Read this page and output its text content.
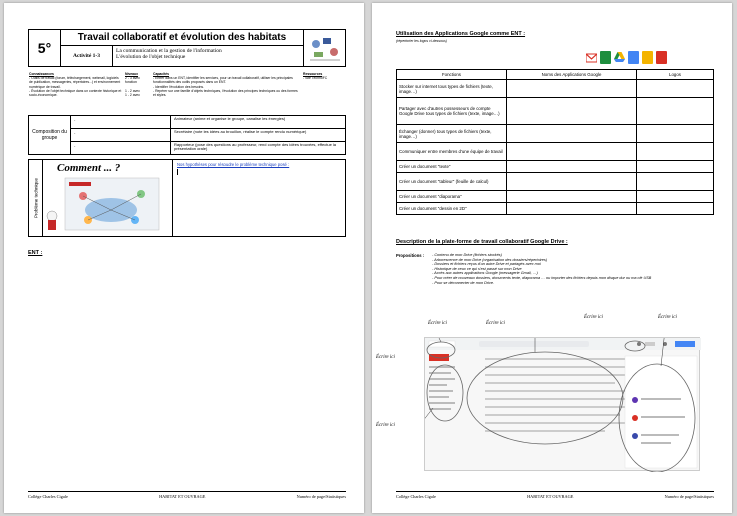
5°
Travail collaboratif et évolution des habitats
Activité 1-3
La communication et la gestion de l'information
L'évolution de l'objet technique
Connaissances
- Outils de travail (forum, téléchargement, webmail, logiciels de publication, messageries, répertoires...) et environnement numérique de travail.
- Évolution de l'objet technique dans un contexte historique et socio-économique.
Niveaux
2 - 3 avec fonction

1 - 2 avec
1 - 2 avec
Capacités
- Entrer dans un ENT, identifier les services, pour un travail collaboratif, utiliser les principales fonctionnalités des outils proposés dans un ENT.
- Identifier l'évolution des besoins.
- Repérer sur une famille d'objets techniques, l'évolution des principes techniques ou des formes et styles.
Ressources
- Site TechnoFC
Composition du groupe
-	Animateur (anime et organise le groupe, canalise les énergies)
-	Secrétaire (note les idées au brouillon, réalise le compte rendu numérique)
-	Rapporteur (pose des questions au professeur, rend compte des idées trouvées, effectue la présentation orale)
Problème technique
Comment ... ?	Nos hypothèses pour résoudre le problème technique posé :
ENT :
Collège Charles Cigale	HABITAT ET OUVRAGE	Numéro de page/Statistiques
Utilisation des Applications Google comme ENT :
(répertorier les logos ci-dessous)
Fonctions	Noms des Applications Google	Logos
Stocker sur internet tous types de fichiers (texte, image…)		
Partager avec d'autres possesseurs de compte Google Drive tous types de fichiers (texte, image…)		
Échanger (donner) tous types de fichiers (texte, image…)		
Communiquer entre membres d'une équipe de travail		
Créer un document "texte"		
Créer un document "tableur" (feuille de calcul)		
Créer un document "diaporama"		
Créer un document "dessin en 2D"		
Description de la plate-forme de travail collaboratif Google Drive :
Propositions : - Contenu de mon Drive (fichiers stockés)
- Arborescence de mon Drive (organisation des dossiers/répertoires)
- Dossiers et fichiers reçus d'un autre Drive et partagés avec moi
- Historique de ceux ce qui s'est passé sur mon Drive
- Accès aux autres applications Google (messagerie Gmail, …)
- Pour créer de nouveaux dossiers, documents texte, diaporama … ou importer des fichiers depuis mon disque dur ou ma clé USB
- Pour se déconnecter de mon Drive.
Écrire ici
Écrire ici	Écrire ici
Écrire ici
Écrire ici
Écrire ici
Collège Charles Cigale	HABITAT ET OUVRAGE	Numéro de page/Statistiques
